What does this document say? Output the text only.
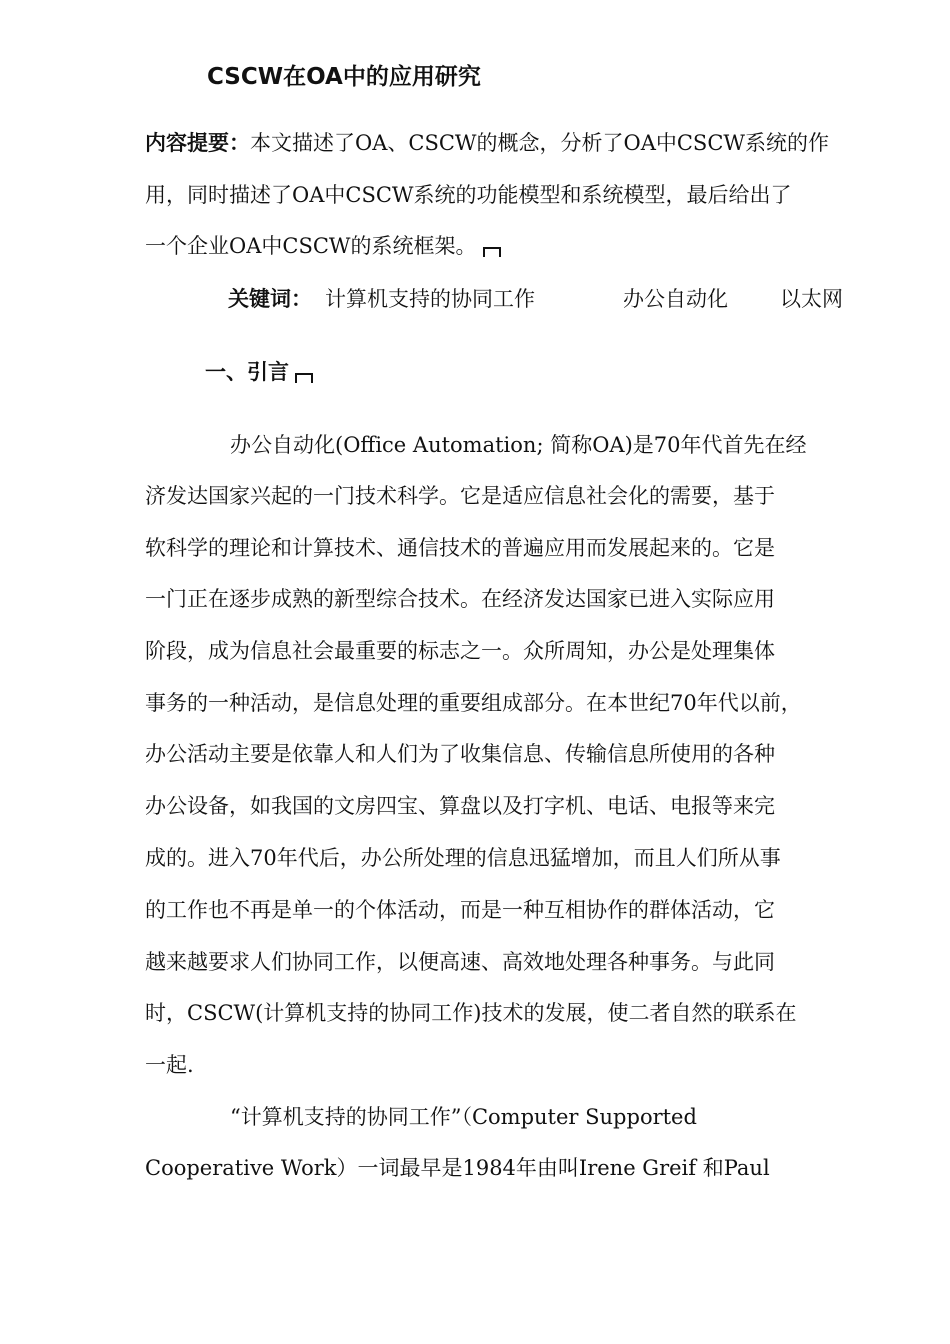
CSCW在OA中的应用研究
内容提要：本文描述了OA、CSCW的概念，分析了OA中CSCW系统的作
用，同时描述了OA中CSCW系统的功能模型和系统模型，最后给出了
一个企业OA中CSCW的系统框架。
关键词： 计算机支持的协同工作	办公自动化 以太网
一、引言
办公自动化(Office Automation; 简称OA)是70年代首先在经
济发达国家兴起的一门技术科学。它是适应信息社会化的需要，基于
软科学的理论和计算技术、通信技术的普遍应用而发展起来的。它是
一门正在逐步成熟的新型综合技术。在经济发达国家已进入实际应用
阶段，成为信息社会最重要的标志之一。众所周知，办公是处理集体
事务的一种活动，是信息处理的重要组成部分。在本世纪70年代以前，
办公活动主要是依靠人和人们为了收集信息、传输信息所使用的各种
办公设备，如我国的文房四宝、算盘以及打字机、电话、电报等来完
成的。进入70年代后，办公所处理的信息迅猛增加，而且人们所从事
的工作也不再是单一的个体活动，而是一种互相协作的群体活动，它
越来越要求人们协同工作，以便高速、高效地处理各种事务。与此同
时，CSCW(计算机支持的协同工作)技术的发展，使二者自然的联系在
一起.
“计算机支持的协同工作”（Computer Supported
Cooperative Work）一词最早是1984年由叫Irene Greif 和Paul
